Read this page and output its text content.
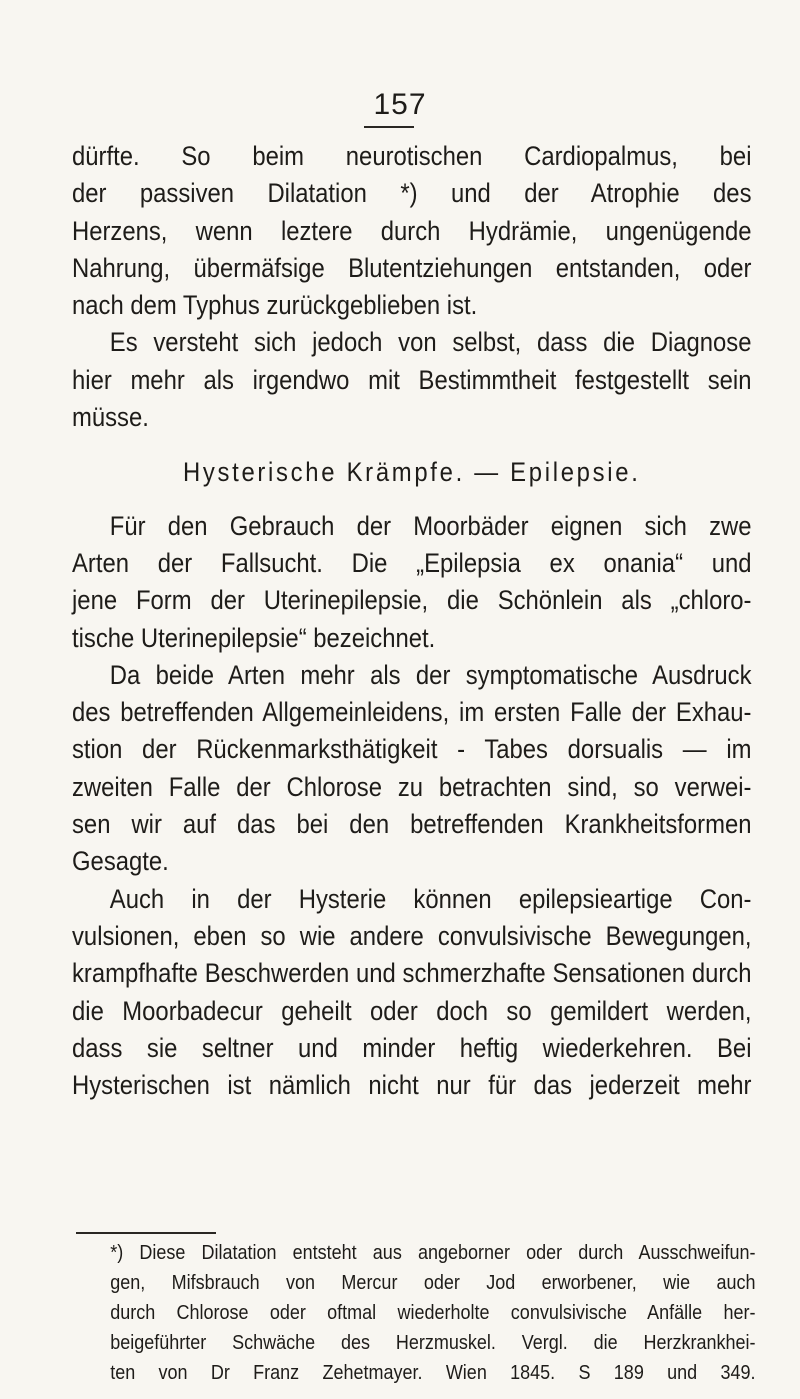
157
dürfte. So beim neurotischen Cardiopalmus, bei
der passiven Dilatation *) und der Atrophie des
Herzens, wenn leztere durch Hydrämie, ungenügende
Nahrung, übermäfsige Blutentziehungen entstanden, oder
nach dem Typhus zurückgeblieben ist.
Es versteht sich jedoch von selbst, dass die Diagnose
hier mehr als irgendwo mit Bestimmtheit festgestellt sein
müsse.
Hysterische Krämpfe. — Epilepsie.
Für den Gebrauch der Moorbäder eignen sich zwe
Arten der Fallsucht. Die „Epilepsia ex onania“ und
jene Form der Uterinepilepsie, die Schönlein als „chloro-
tische Uterinepilepsie“ bezeichnet.
Da beide Arten mehr als der symptomatische Ausdruck
des betreffenden Allgemeinleidens, im ersten Falle der Exhau-
stion der Rückenmarksthätigkeit - Tabes dorsualis — im
zweiten Falle der Chlorose zu betrachten sind, so verwei-
sen wir auf das bei den betreffenden Krankheitsformen
Gesagte.
Auch in der Hysterie können epilepsieartige Con-
vulsionen, eben so wie andere convulsivische Bewegungen,
krampfhafte Beschwerden und schmerzhafte Sensationen durch
die Moorbadecur geheilt oder doch so gemildert werden,
dass sie seltner und minder heftig wiederkehren. Bei
Hysterischen ist nämlich nicht nur für das jederzeit mehr
*) Diese Dilatation entsteht aus angeborner oder durch Ausschweifun-
gen, Mifsbrauch von Mercur oder Jod erworbener, wie auch
durch Chlorose oder oftmal wiederholte convulsivische Anfälle her-
beigeführter Schwäche des Herzmuskel. Vergl. die Herzkrankhei-
ten von Dr Franz Zehetmayer. Wien 1845. S 189 und 349.
